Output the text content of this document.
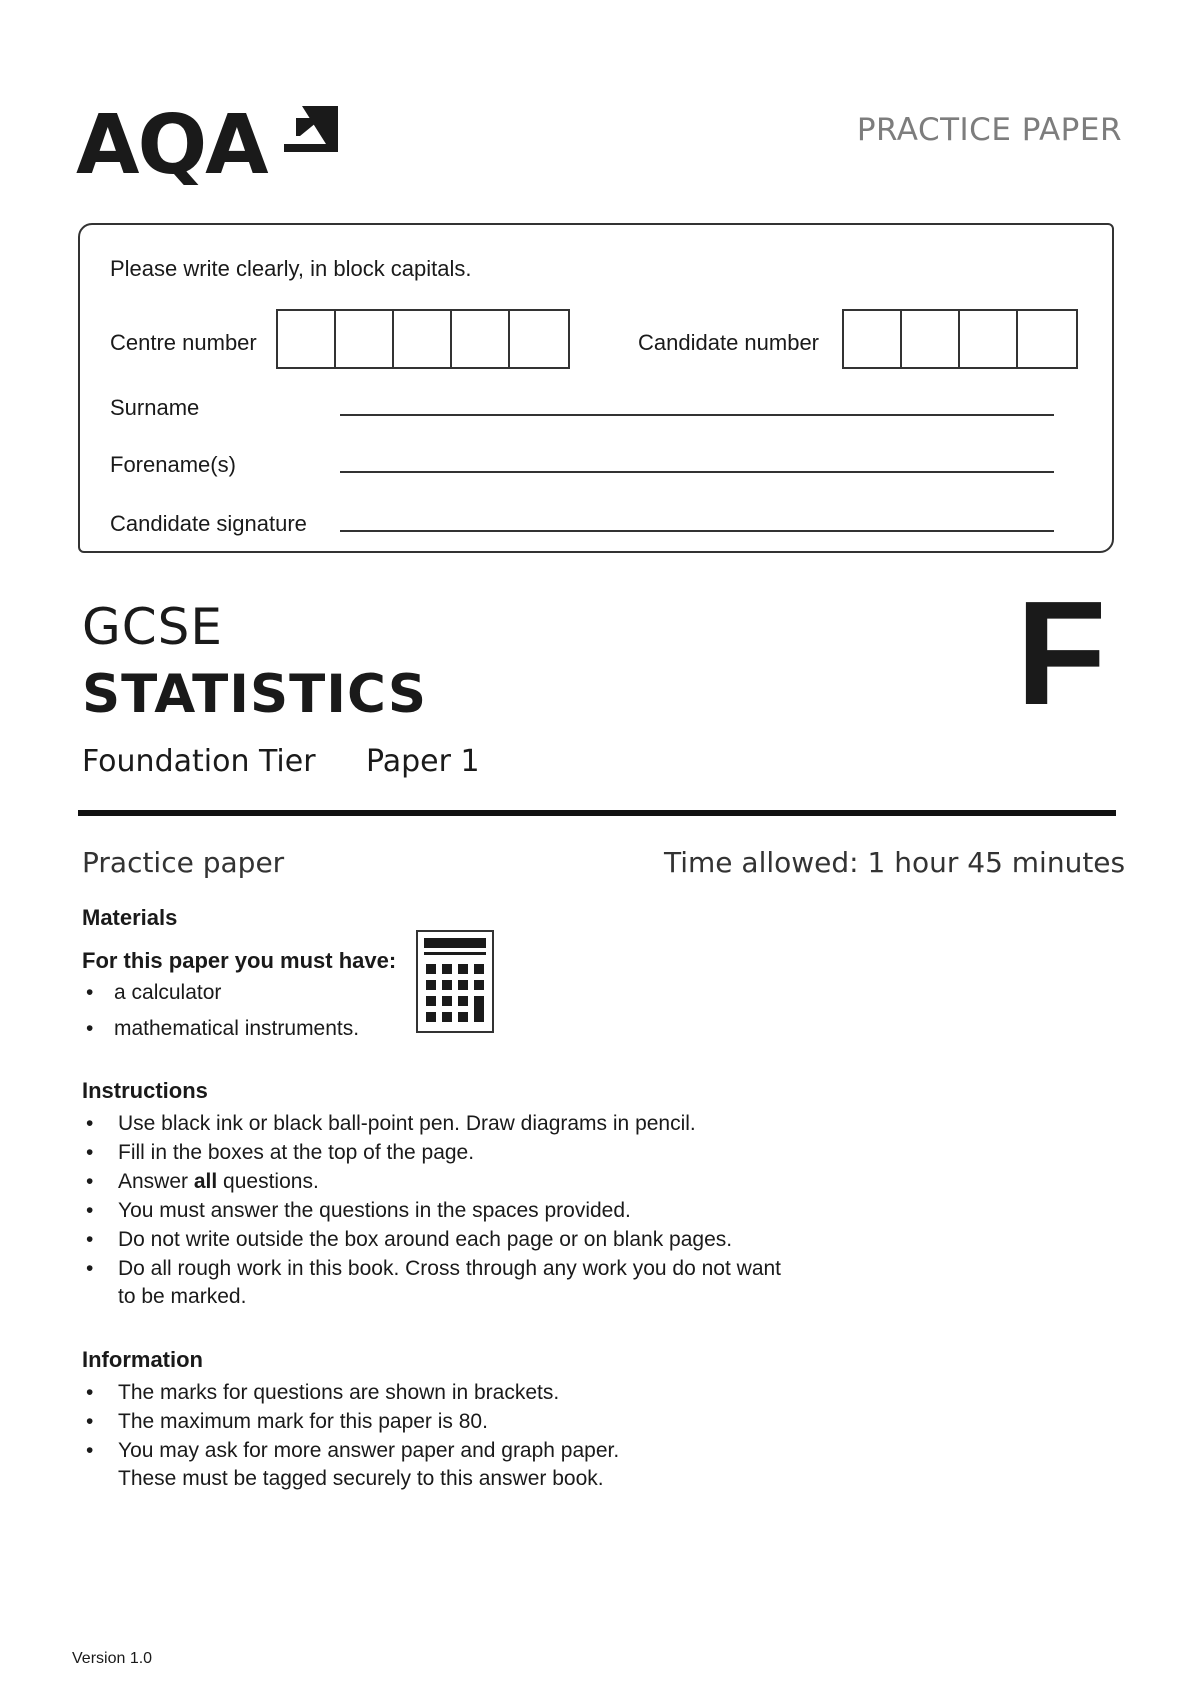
AQA	PRACTICE PAPER
Please write clearly, in block capitals.
Centre number	Candidate number
Surname
Forename(s)
Candidate signature
GCSE
STATISTICS
Foundation Tier Paper 1
F
Practice paper	Time allowed: 1 hour 45 minutes
Materials
For this paper you must have:
• a calculator
• mathematical instruments.
Instructions
• Use black ink or black ball-point pen. Draw diagrams in pencil.
• Fill in the boxes at the top of the page.
• Answer all questions.
• You must answer the questions in the spaces provided.
• Do not write outside the box around each page or on blank pages.
• Do all rough work in this book. Cross through any work you do not want to be marked.
Information
• The marks for questions are shown in brackets.
• The maximum mark for this paper is 80.
• You may ask for more answer paper and graph paper. These must be tagged securely to this answer book.
Version 1.0
